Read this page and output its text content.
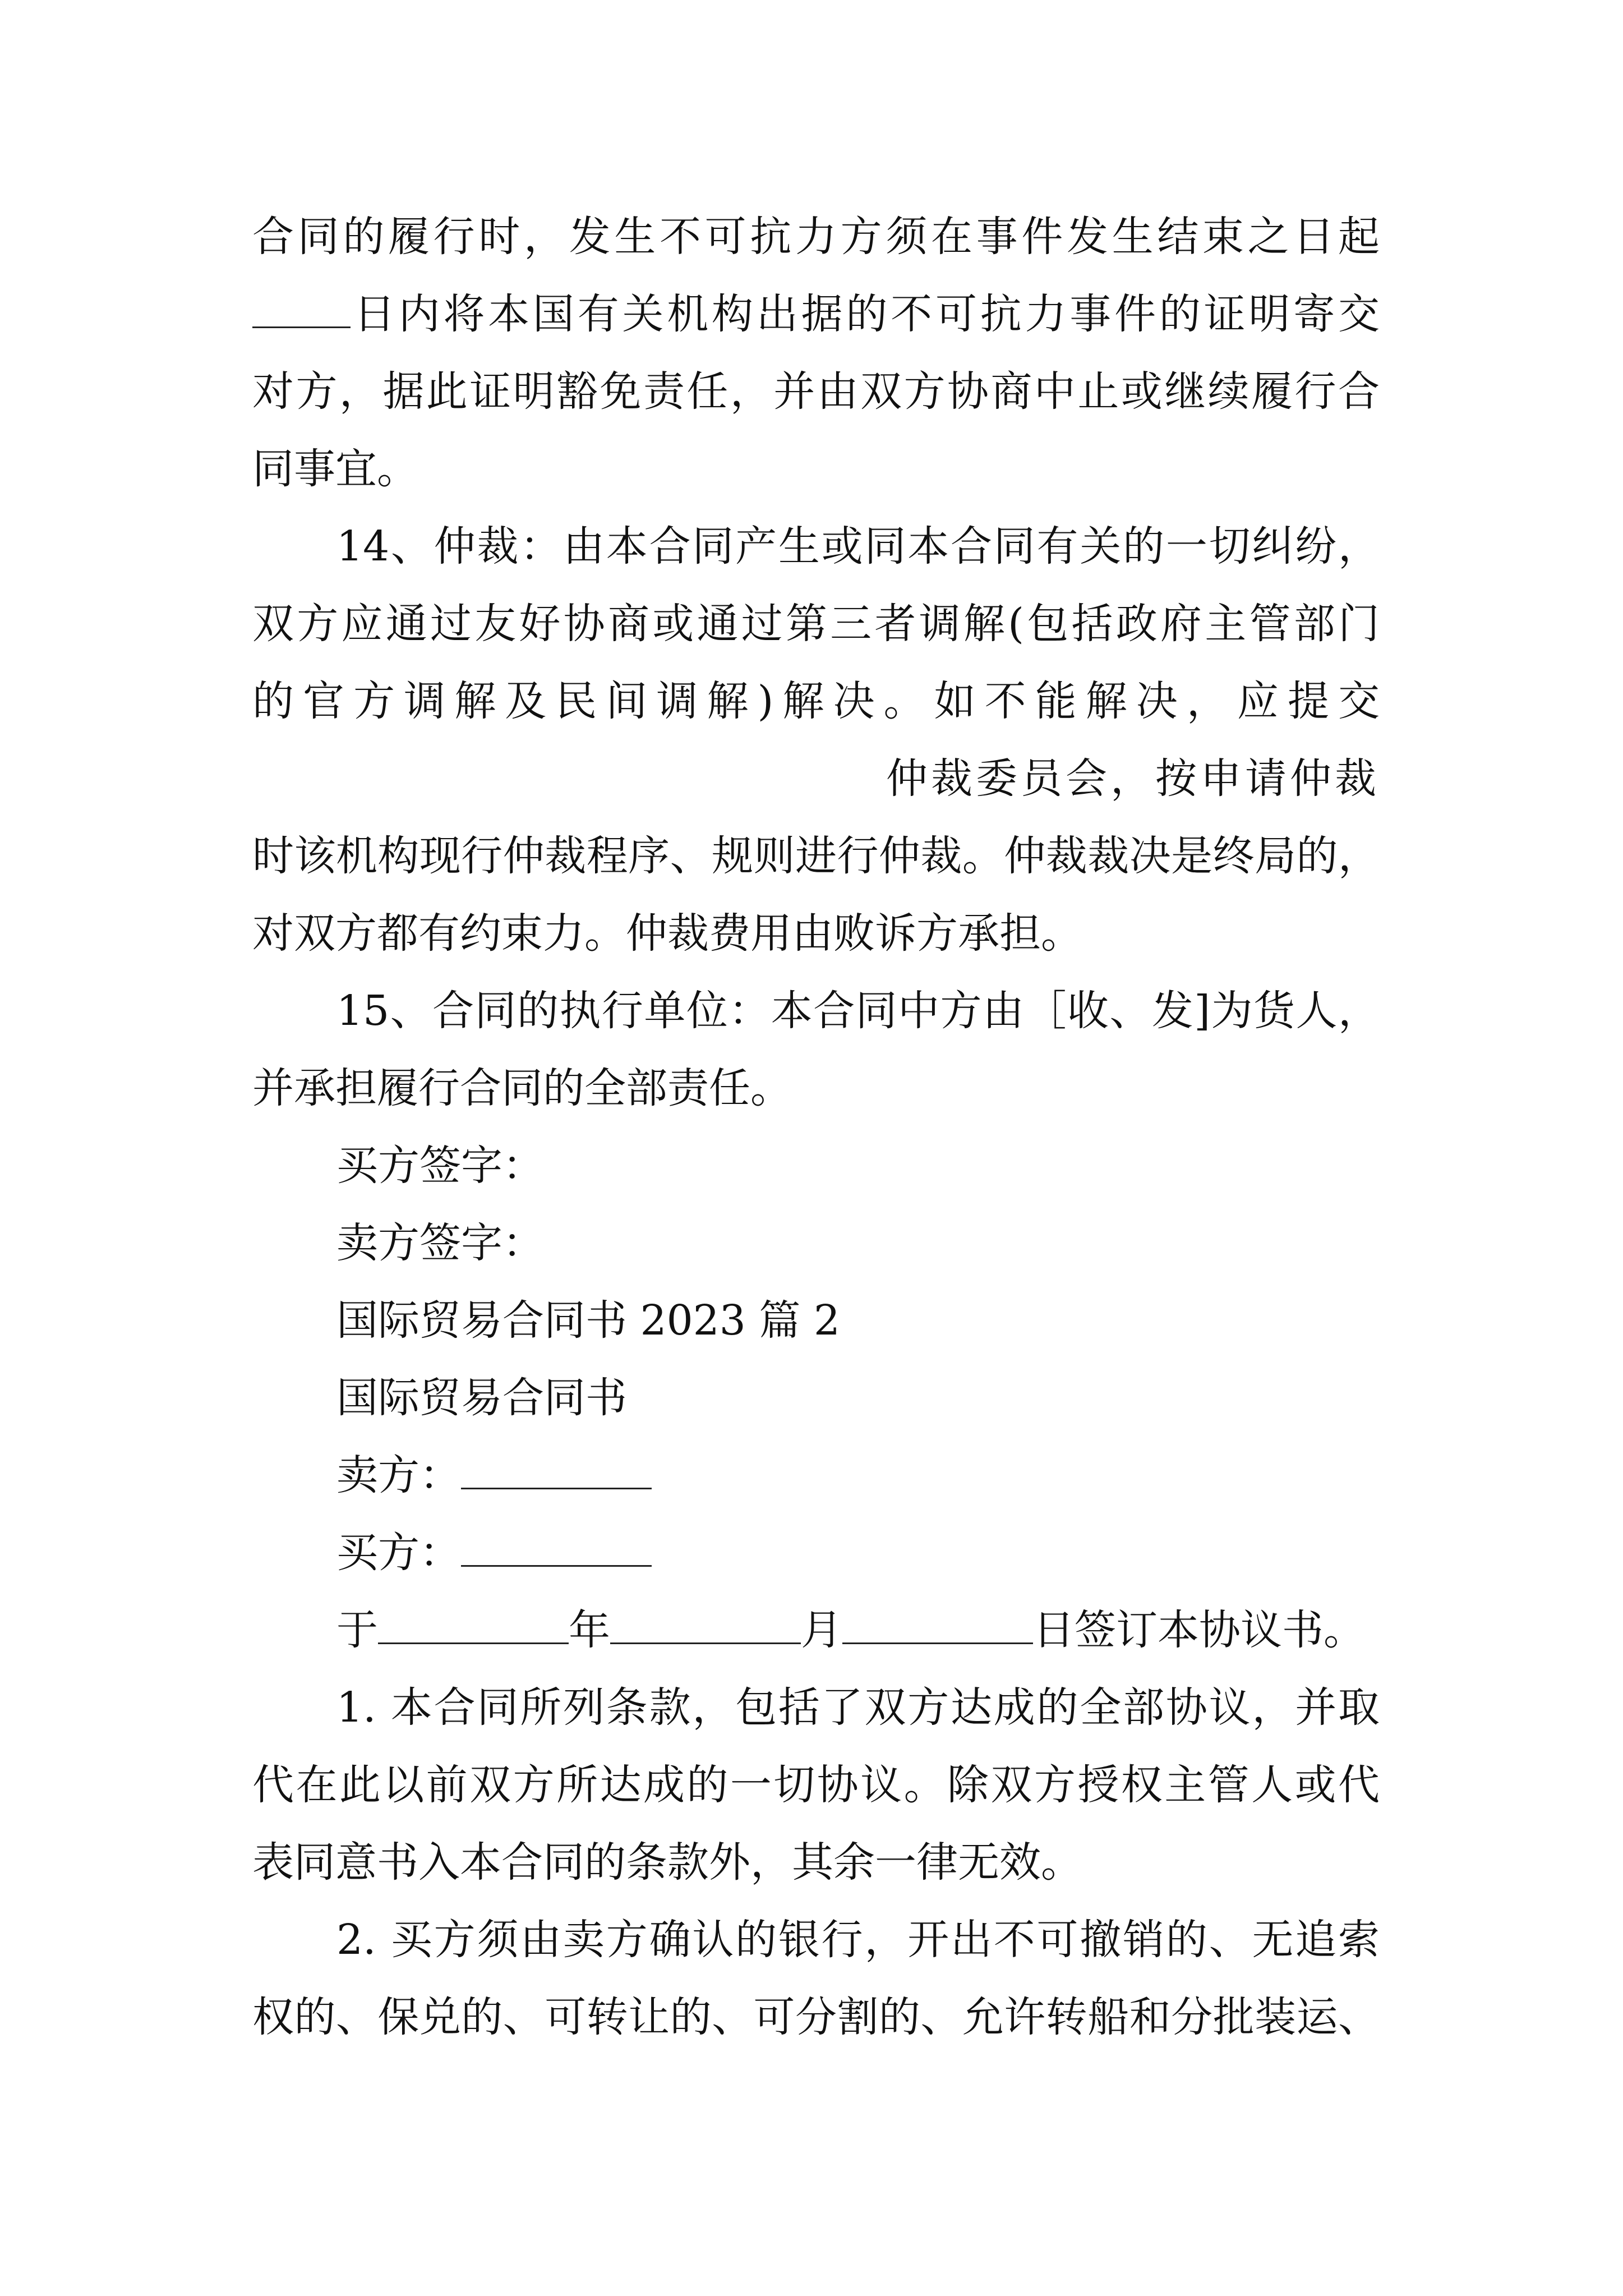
合同的履行时，发生不可抗力方须在事件发生结束之日起
日内将本国有关机构出据的不可抗力事件的证明寄交
对方，据此证明豁免责任，并由双方协商中止或继续履行合
同事宜。
14、仲裁：由本合同产生或同本合同有关的一切纠纷，
双方应通过友好协商或通过第三者调解(包括政府主管部门
的官方调解及民间调解)解决。如不能解决，应提交
仲裁委员会，按申请仲裁
时该机构现行仲裁程序、规则进行仲裁。仲裁裁决是终局的，
对双方都有约束力。仲裁费用由败诉方承担。
15、合同的执行单位：本合同中方由［收、发]为货人，
并承担履行合同的全部责任。
买方签字：
卖方签字：
国际贸易合同书 2023 篇 2
国际贸易合同书
卖方：
买方：
于	年	月	日签订本协议书。
1. 本合同所列条款，包括了双方达成的全部协议，并取
代在此以前双方所达成的一切协议。除双方授权主管人或代
表同意书入本合同的条款外，其余一律无效。
2. 买方须由卖方确认的银行，开出不可撤销的、无追索
权的、保兑的、可转让的、可分割的、允许转船和分批装运、
